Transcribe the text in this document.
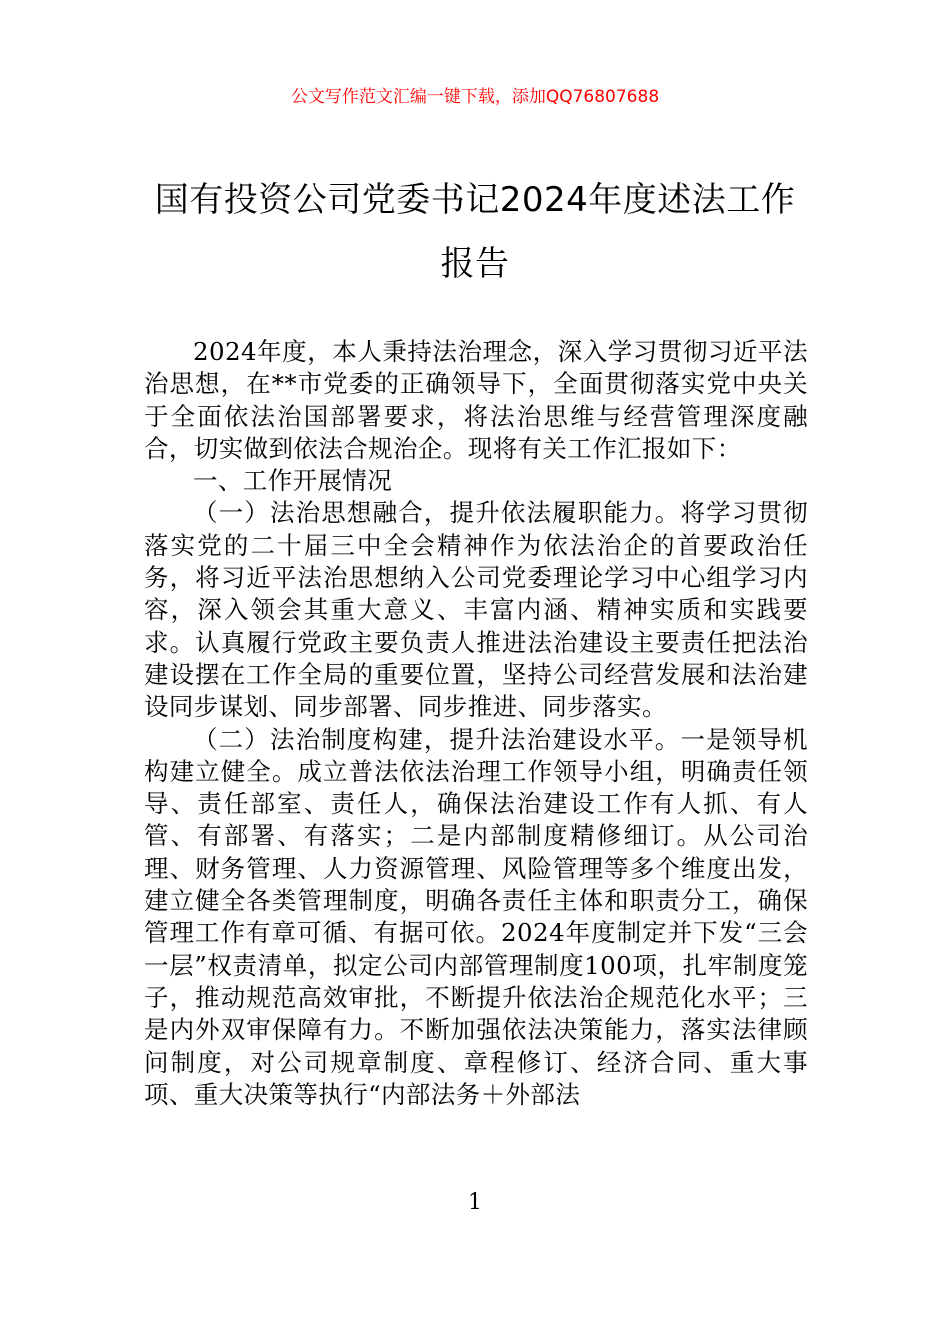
公文写作范文汇编一键下载，添加QQ76807688
国有投资公司党委书记2024年度述法工作报告

2024年度，本人秉持法治理念，深入学习贯彻习近平法治思想，在**市党委的正确领导下，全面贯彻落实党中央关于全面依法治国部署要求，将法治思维与经营管理深度融合，切实做到依法合规治企。现将有关工作汇报如下：

一、工作开展情况

（一）法治思想融合，提升依法履职能力。将学习贯彻落实党的二十届三中全会精神作为依法治企的首要政治任务，将习近平法治思想纳入公司党委理论学习中心组学习内容，深入领会其重大意义、丰富内涵、精神实质和实践要求。认真履行党政主要负责人推进法治建设主要责任把法治建设摆在工作全局的重要位置，坚持公司经营发展和法治建设同步谋划、同步部署、同步推进、同步落实。

（二）法治制度构建，提升法治建设水平。一是领导机构建立健全。成立普法依法治理工作领导小组，明确责任领导、责任部室、责任人，确保法治建设工作有人抓、有人管、有部署、有落实；二是内部制度精修细订。从公司治理、财务管理、人力资源管理、风险管理等多个维度出发，建立健全各类管理制度，明确各责任主体和职责分工，确保管理工作有章可循、有据可依。2024年度制定并下发“三会一层”权责清单，拟定公司内部管理制度100项，扎牢制度笼子，推动规范高效审批，不断提升依法治企规范化水平；三是内外双审保障有力。不断加强依法决策能力，落实法律顾问制度，对公司规章制度、章程修订、经济合同、重大事项、重大决策等执行“内部法务＋外部法

1
